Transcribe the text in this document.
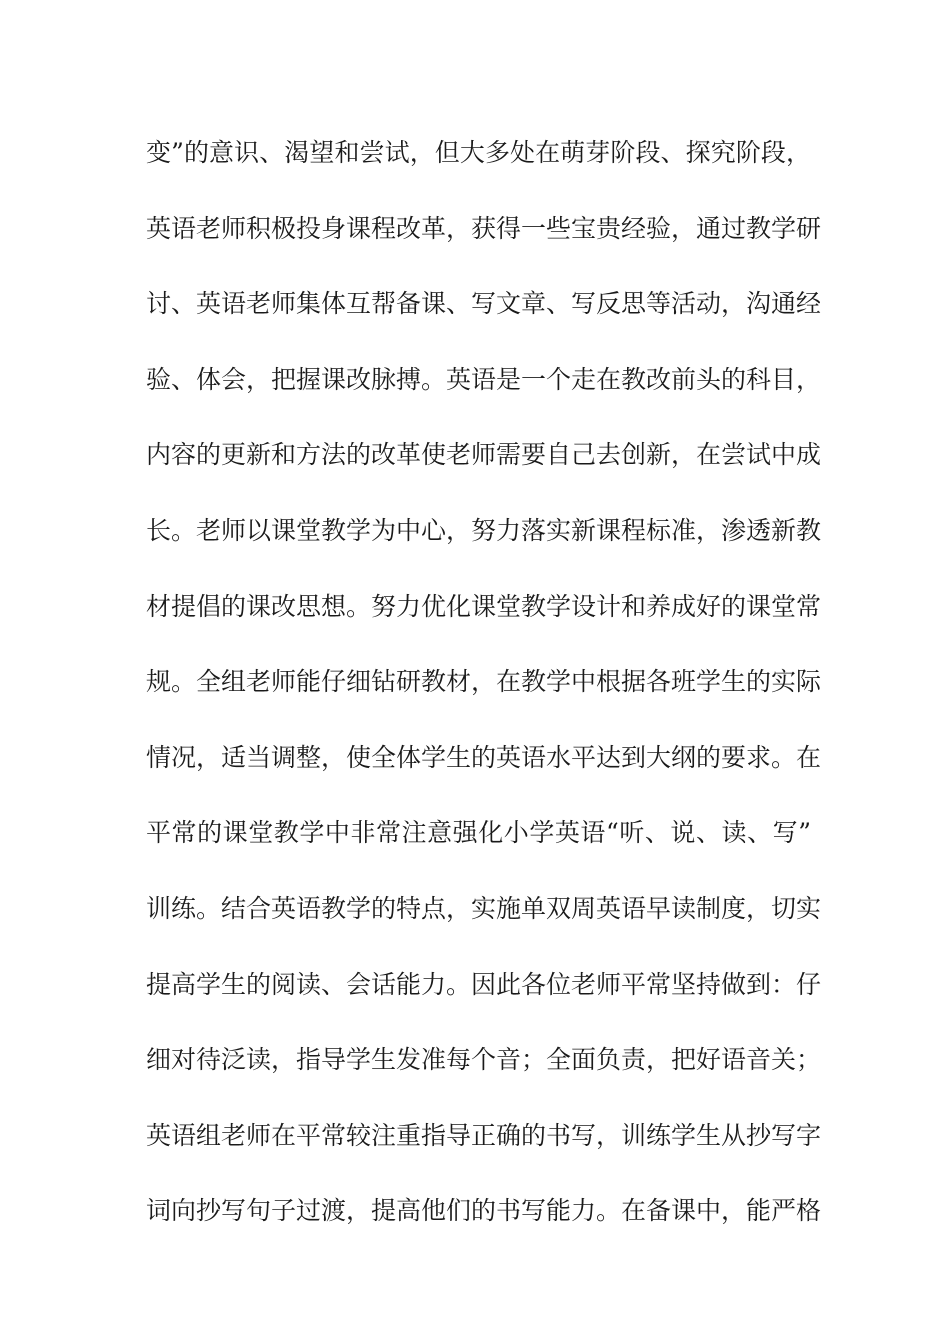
变”的意识、渴望和尝试，但大多处在萌芽阶段、探究阶段，
英语老师积极投身课程改革，获得一些宝贵经验，通过教学研
讨、英语老师集体互帮备课、写文章、写反思等活动，沟通经
验、体会，把握课改脉搏。英语是一个走在教改前头的科目，
内容的更新和方法的改革使老师需要自己去创新，在尝试中成
长。老师以课堂教学为中心，努力落实新课程标准，渗透新教
材提倡的课改思想。努力优化课堂教学设计和养成好的课堂常
规。全组老师能仔细钻研教材，在教学中根据各班学生的实际
情况，适当调整，使全体学生的英语水平达到大纲的要求。在
平常的课堂教学中非常注意强化小学英语“听、说、读、写”
训练。结合英语教学的特点，实施单双周英语早读制度，切实
提高学生的阅读、会话能力。因此各位老师平常坚持做到：仔
细对待泛读，指导学生发准每个音；全面负责，把好语音关；
英语组老师在平常较注重指导正确的书写，训练学生从抄写字
词向抄写句子过渡，提高他们的书写能力。在备课中，能严格
